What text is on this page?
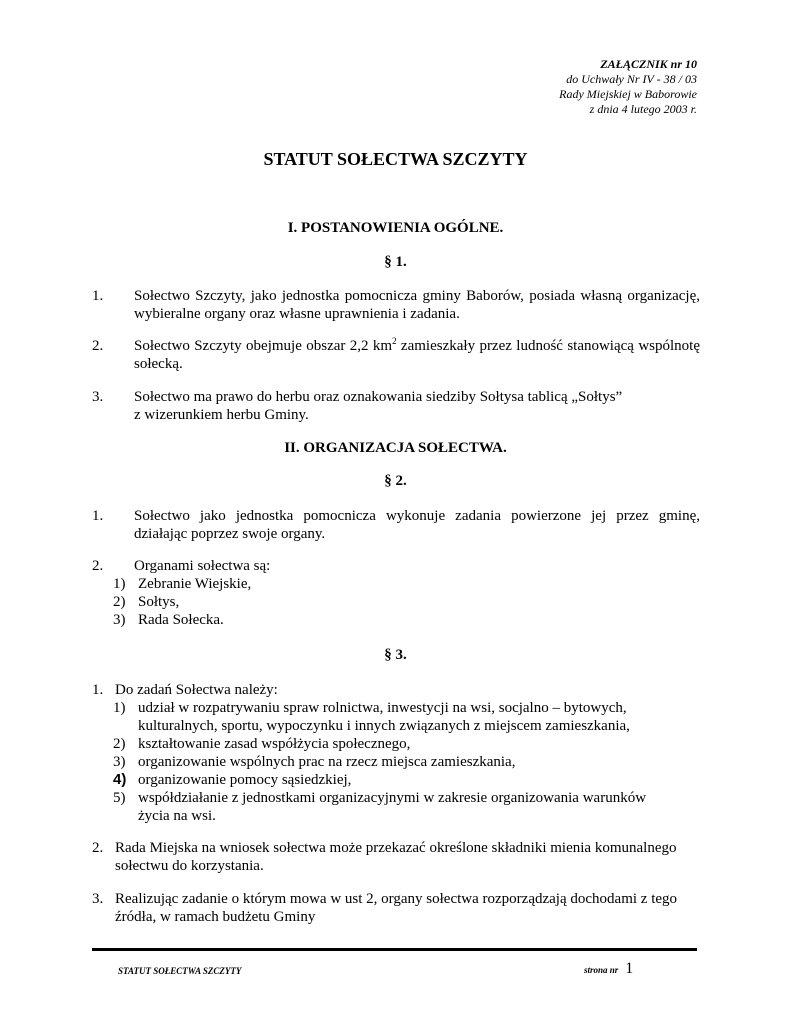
ZAŁĄCZNIK nr 10
do Uchwały Nr IV - 38 / 03
Rady Miejskiej w Baborowie
z dnia 4 lutego 2003 r.
STATUT SOŁECTWA SZCZYTY
I. POSTANOWIENIA OGÓLNE.
§ 1.
1. Sołectwo Szczyty, jako jednostka pomocnicza gminy Baborów, posiada własną organizację, wybieralne organy oraz własne uprawnienia i zadania.
2. Sołectwo Szczyty obejmuje obszar 2,2 $km^2$ zamieszkały przez ludność stanowiącą wspólnotę sołecką.
3. Sołectwo ma prawo do herbu oraz oznakowania siedziby Sołtysa tablicą „Sołtys”
z wizerunkiem herbu Gminy.
II. ORGANIZACJA SOŁECTWA.
§ 2.
1. Sołectwo jako jednostka pomocnicza wykonuje zadania powierzone jej przez gminę, działając poprzez swoje organy.
2. Organami sołectwa są:
1) Zebranie Wiejskie,
2) Sołtys,
3) Rada Sołecka.
§ 3.
1. Do zadań Sołectwa należy:
1) udział w rozpatrywaniu spraw rolnictwa, inwestycji na wsi, socjalno – bytowych,
kulturalnych, sportu, wypoczynku i innych związanych z miejscem zamieszkania,
2) kształtowanie zasad współżycia społecznego,
3) organizowanie wspólnych prac na rzecz miejsca zamieszkania,
4) organizowanie pomocy sąsiedzkiej,
5) współdziałanie z jednostkami organizacyjnymi w zakresie organizowania warunków
życia na wsi.
2. Rada Miejska na wniosek sołectwa może przekazać określone składniki mienia komunalnego
sołectwu do korzystania.
3. Realizując zadanie o którym mowa w ust 2, organy sołectwa rozporządzają dochodami z tego
źródła, w ramach budżetu Gminy
STATUT SOŁECTWA SZCZYTY	strona nr 1
